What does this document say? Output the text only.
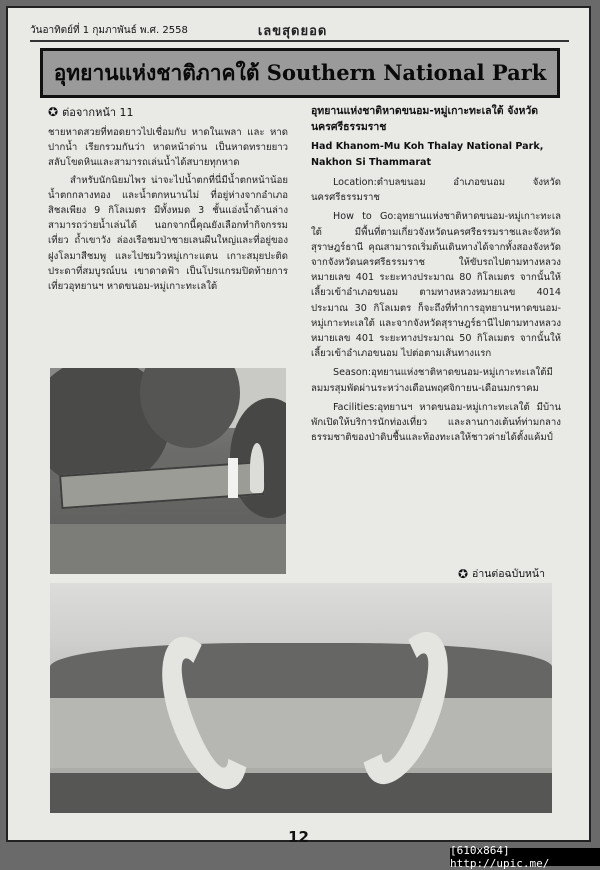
วันอาทิตย์ที่ 1 กุมภาพันธ์ พ.ศ. 2558	เลขสุดยอด
อุทยานแห่งชาติภาคใต้ Southern National Park
✪ ต่อจากหน้า 11

ชายหาดสวยที่ทอดยาวไปเชื่อมกับ หาดในเพลา และ หาดปากน้ำ เรียกรวมกันว่า หาดหน้าด่าน เป็นหาดทรายยาวสลับโขดหินและสามารถเล่นน้ำได้สบายทุกหาด

สำหรับนักนิยมไพร น่าจะไปน้ำตกที่นี่มีน้ำตกหน้าน้อย น้ำตกกลางทอง และน้ำตกหนานไม่ ที่อยู่ห่างจากอำเภอสิชลเพียง 9 กิโลเมตร มีทั้งหมด 3 ชั้นแอ่งน้ำด้านล่างสามารถว่ายน้ำเล่นได้ นอกจากนี้คุณยังเลือกทำกิจกรรมเที่ยว ถ้ำเขาวัง ล่องเรือชมป่าชายเลนผืนใหญ่และที่อยู่ของฝูงโลมาสีชมพู และไปชมวิวหมู่เกาะแตน เกาะสมุยปะติดประดาที่สมบูรณ์บน เขาดาดฟ้า เป็นโปรแกรมปิดท้ายการเที่ยวอุทยานฯ หาดขนอม-หมู่เกาะทะเลใต้

อุทยานแห่งชาติหาดขนอม-หมู่เกาะทะเลใต้ จังหวัดนครศรีธรรมราช

Had Khanom-Mu Koh Thalay National Park, Nakhon Si Thammarat

Location:ตำบลขนอม อำเภอขนอม จังหวัดนครศรีธรรมราช

How to Go:อุทยานแห่งชาติหาดขนอม-หมู่เกาะทะเลใต้ มีพื้นที่ตามเกี่ยวจังหวัดนครศรีธรรมราชและจังหวัดสุราษฎร์ธานี คุณสามารถเริ่มต้นเดินทางได้จากทั้งสองจังหวัด จากจังหวัดนครศรีธรรมราช ให้ขับรถไปตามทางหลวงหมายเลข 401 ระยะทางประมาณ 80 กิโลเมตร จากนั้นให้เลี้ยวเข้าอำเภอขนอม ตามทางหลวงหมายเลข 4014 ประมาณ 30 กิโลเมตร ก็จะถึงที่ทำการอุทยานฯหาดขนอม-หมู่เกาะทะเลใต้ และจากจังหวัดสุราษฎร์ธานีไปตามทางหลวงหมายเลข 401 ระยะทางประมาณ 50 กิโลเมตร จากนั้นให้เลี้ยวเข้าอำเภอขนอม ไปต่อตามเส้นทางแรก

Season:อุทยานแห่งชาติหาดขนอม-หมู่เกาะทะเลใต้มีลมมรสุมพัดผ่านระหว่างเดือนพฤศจิกายน-เดือนมกราคม

Facilities:อุทยานฯ หาดขนอม-หมู่เกาะทะเลใต้ มีบ้านพักเปิดให้บริการนักท่องเที่ยว และลานกางเต้นท์ท่ามกลางธรรมชาติของป่าดิบชื้นและท้องทะเลให้ชาวค่ายได้ตั้งแค้มป์

✪ อ่านต่อฉบับหน้า
12
[610x864] http://upic.me/
